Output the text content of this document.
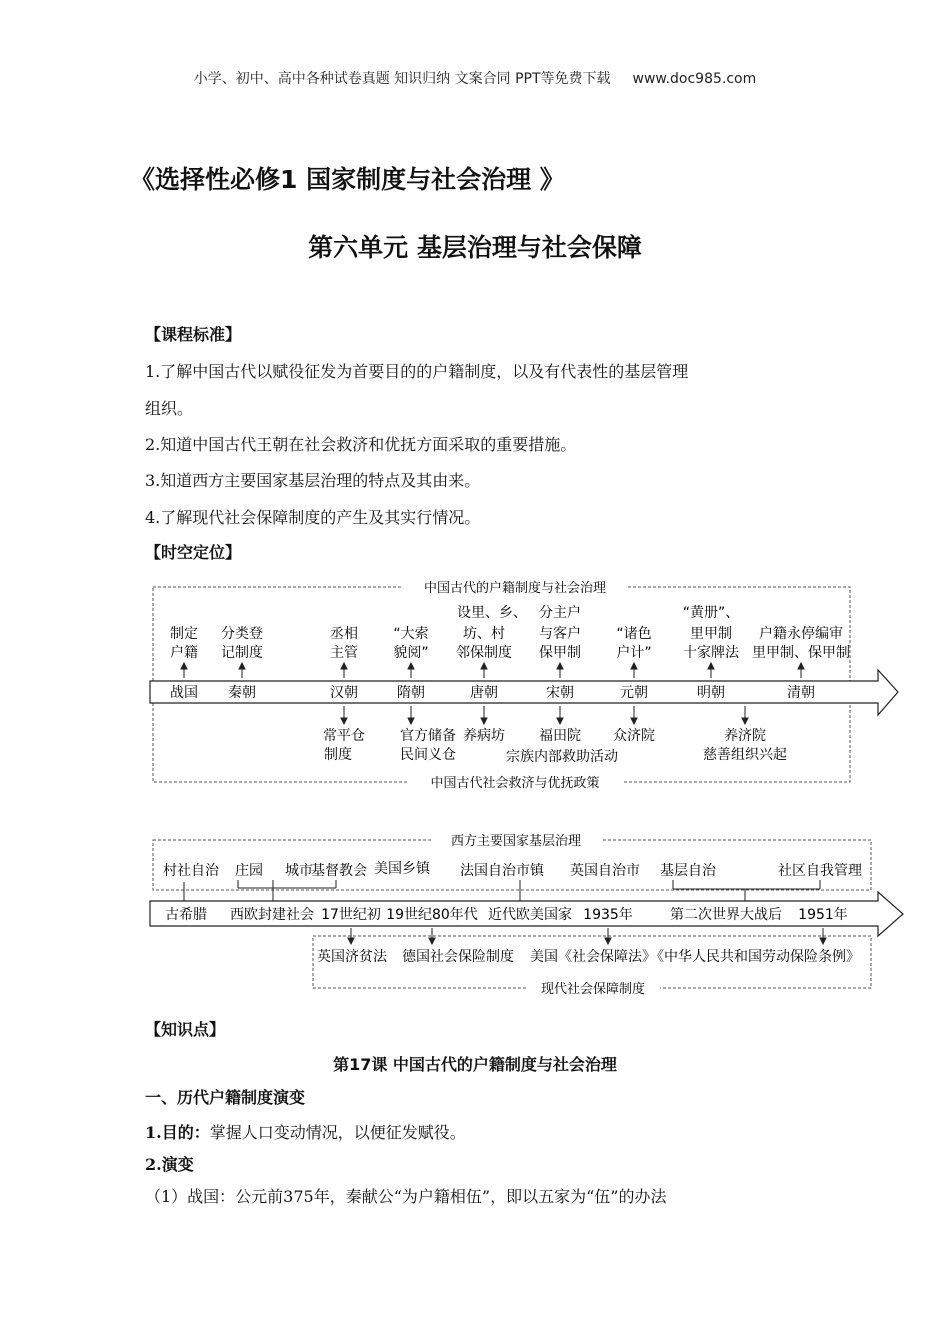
小学、初中、高中各种试卷真题 知识归纳 文案合同 PPT等免费下载 www.doc985.com
《选择性必修1 国家制度与社会治理 》
第六单元 基层治理与社会保障
【课程标准】
1.了解中国古代以赋役征发为首要目的的户籍制度，以及有代表性的基层管理
组织。
2.知道中国古代王朝在社会救济和优抚方面采取的重要措施。
3.知道西方主要国家基层治理的特点及其由来。
4.了解现代社会保障制度的产生及其实行情况。
【时空定位】
中国古代的户籍制度与社会治理
中国古代社会救济与优抚政策
战国 秦朝	汉朝	隋朝	唐朝	宋朝	元朝	明朝	清朝
制定
户籍
分类登
记制度
丞相
主管
“大索
貌阅”
设里、乡、
坊、村
邻保制度
分主户
与客户
保甲制
“诸色
户计”
“黄册”、
里甲制
十家牌法
户籍永停编审
里甲制、保甲制
常平仓
制度
官方储备
民间义仓
养病坊 福田院 众济院	养济院
慈善组织兴起
宗族内部救助活动
西方主要国家基层治理
现代社会保障制度
村社自治 庄园 城市
基督教会 美国乡镇 法国自治市镇 英国自治市 基层自治	社区自我管理
古希腊 西欧封建社会 17世纪初 19世纪80年代 近代欧美国家 1935年	第二次世界大战后 1951年
英国济贫法 德国社会保险制度 美国《社会保障法》
《中华人民共和国劳动保险条例》
【知识点】
第17课 中国古代的户籍制度与社会治理
一、历代户籍制度演变
1.目的：掌握人口变动情况，以便征发赋役。
2.演变
（1）战国：公元前375年，秦献公“为户籍相伍”，即以五家为“伍”的办法
